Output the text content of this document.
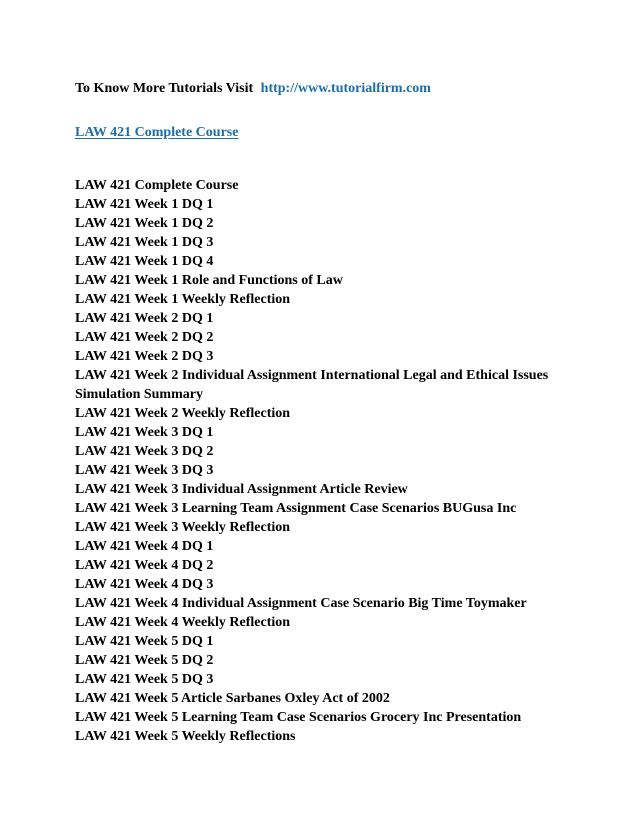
To Know More Tutorials Visit http://www.tutorialfirm.com
LAW 421 Complete Course
LAW 421 Complete Course
LAW 421 Week 1 DQ 1
LAW 421 Week 1 DQ 2
LAW 421 Week 1 DQ 3
LAW 421 Week 1 DQ 4
LAW 421 Week 1 Role and Functions of Law
LAW 421 Week 1 Weekly Reflection
LAW 421 Week 2 DQ 1
LAW 421 Week 2 DQ 2
LAW 421 Week 2 DQ 3
LAW 421 Week 2 Individual Assignment International Legal and Ethical Issues Simulation Summary
LAW 421 Week 2 Weekly Reflection
LAW 421 Week 3 DQ 1
LAW 421 Week 3 DQ 2
LAW 421 Week 3 DQ 3
LAW 421 Week 3 Individual Assignment Article Review
LAW 421 Week 3 Learning Team Assignment Case Scenarios BUGusa Inc
LAW 421 Week 3 Weekly Reflection
LAW 421 Week 4 DQ 1
LAW 421 Week 4 DQ 2
LAW 421 Week 4 DQ 3
LAW 421 Week 4 Individual Assignment Case Scenario Big Time Toymaker
LAW 421 Week 4 Weekly Reflection
LAW 421 Week 5 DQ 1
LAW 421 Week 5 DQ 2
LAW 421 Week 5 DQ 3
LAW 421 Week 5 Article Sarbanes Oxley Act of 2002
LAW 421 Week 5 Learning Team Case Scenarios Grocery Inc Presentation
LAW 421 Week 5 Weekly Reflections
